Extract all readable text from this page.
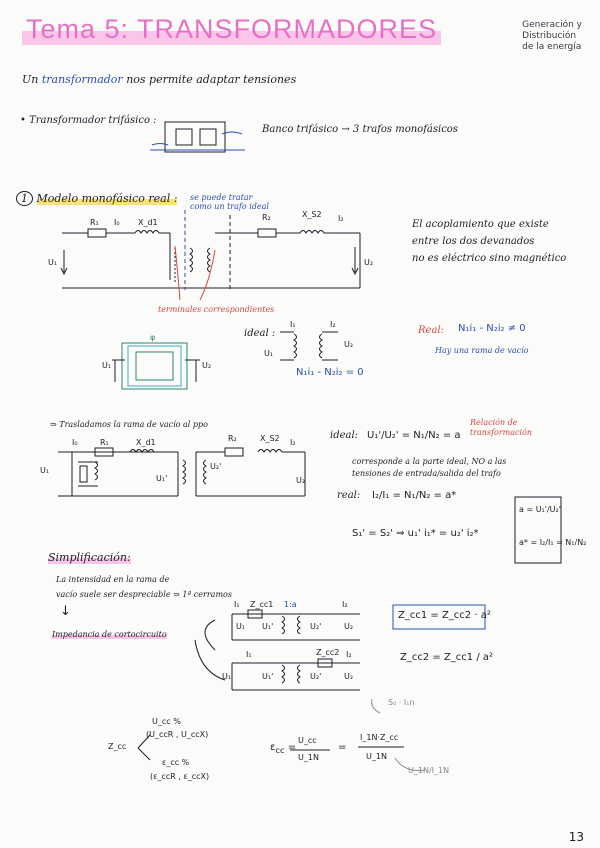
Tema 5: TRANSFORMADORES	Generación y
Distribución
de la energía
Un transformador nos permite adaptar tensiones
• Transformador trifásico :
Banco trifásico → 3 trafos monofásicos
1 Modelo monofásico real : se puede tratar como un trafo ideal
terminales correspondientes
R₁ I₀ X_d1
R₂	X_S2 I₂
U₁	U₂
El acoplamiento que existe
entre los dos devanados
no es eléctrico sino magnético
U₁	U₂
φ	ideal :
I₁	I₂
U₁
U₂
N₁i₁ - N₂i₂ = 0
Real: N₁i₁ - N₂i₂ ≠ 0
Hay una rama de vacío
⇒ Trasladamos la rama de vacío al ppo
I₀	R₁	X_d1	R₂	X_S2 I₂
U₁
U₁'
U₂'
U₂
ideal: U₁'/U₂' = N₁/N₂ = a
Relación de
transformación
corresponde a la parte ideal, NO a las
tensiones de entrada/salida del trafo
real: I₂/I₁ = N₁/N₂ = a*
S₁' = S₂' ⇒ u₁' i₁* = u₂' i₂*
a = U₁'/U₂'
a* = I₂/I₁ = N₁/N₂
Simplificación:
La intensidad en la rama de
vacío suele ser despreciable ⇒ 1ª cerramos
↓
Impedancia de cortocircuito
I₁ Z_cc1 1:a	I₂
U₁ U₁'	U₂'	U₂
I₁	Z_cc2 I₂
U₁	U₁'	U₂'	U₂
Z_cc1 = Z_cc2 · a²
Z_cc2 = Z_cc1 / a²
Z_cc
U_cc %
(U_ccR , U_ccX)
ε_cc %
(ε_ccR , ε_ccX)
$\varepsilon_{cc}$ =
U_cc
U_1N
=
I_1N·Z_cc
U_1N
S₀ · I₁n
U_1N/I_1N
13
